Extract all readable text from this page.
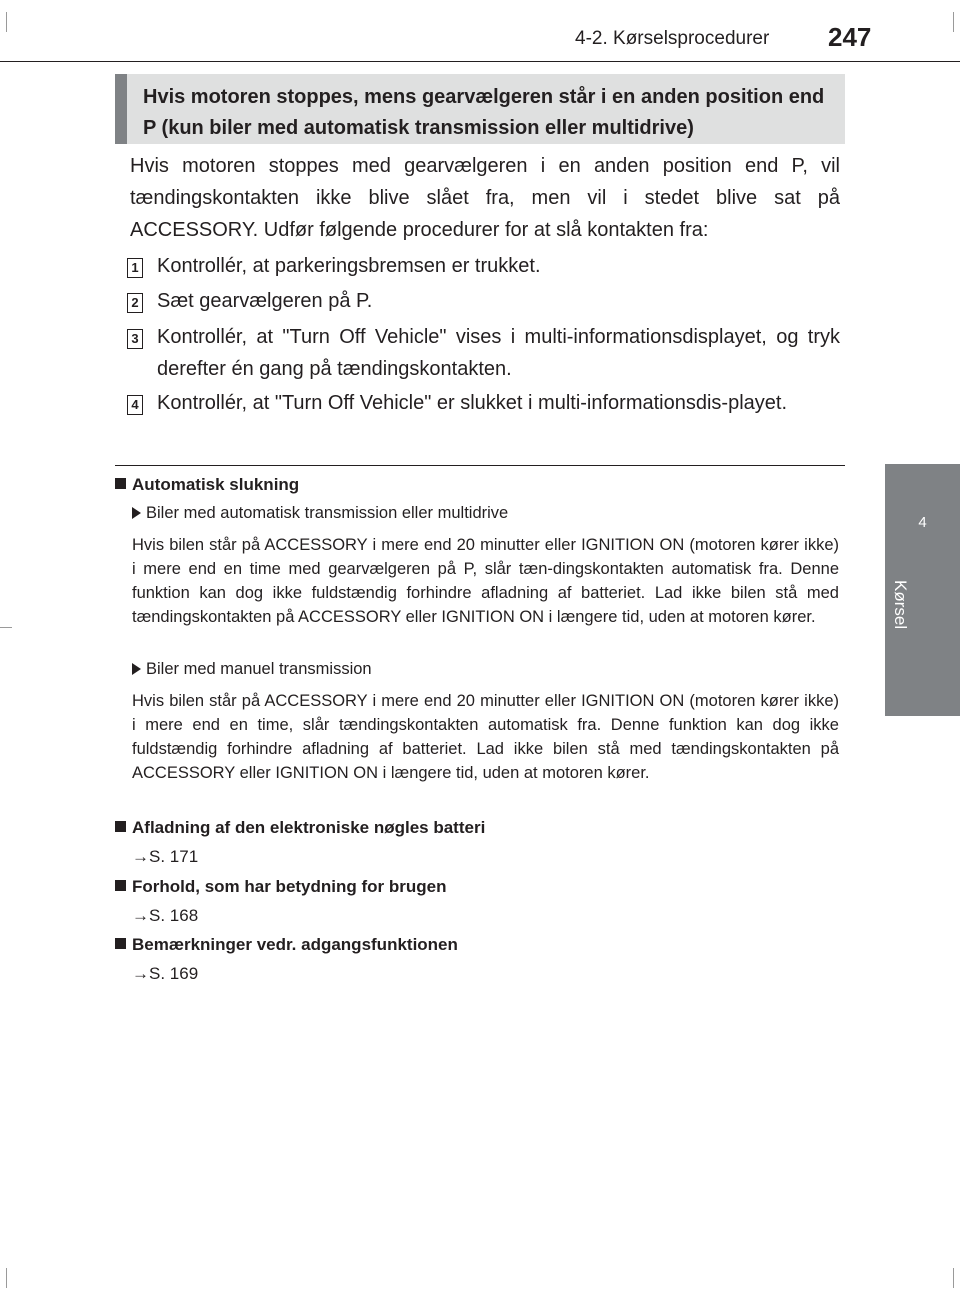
4-2. Kørselsprocedurer 247
4
Kørsel
Hvis motoren stoppes, mens gearvælgeren står i en anden position end P (kun biler med automatisk transmission eller multidrive)
Hvis motoren stoppes med gearvælgeren i en anden position end P, vil tændingskontakten ikke blive slået fra, men vil i stedet blive sat på ACCESSORY. Udfør følgende procedurer for at slå kontakten fra:
1 Kontrollér, at parkeringsbremsen er trukket.
2 Sæt gearvælgeren på P.
3 Kontrollér, at "Turn Off Vehicle" vises i multi-informationsdisplayet, og tryk derefter én gang på tændingskontakten.
4 Kontrollér, at "Turn Off Vehicle" er slukket i multi-informationsdis-playet.
Automatisk slukning
Biler med automatisk transmission eller multidrive
Hvis bilen står på ACCESSORY i mere end 20 minutter eller IGNITION ON (motoren kører ikke) i mere end en time med gearvælgeren på P, slår tæn-dingskontakten automatisk fra. Denne funktion kan dog ikke fuldstændig forhindre afladning af batteriet. Lad ikke bilen stå med tændingskontakten på ACCESSORY eller IGNITION ON i længere tid, uden at motoren kører.
Biler med manuel transmission
Hvis bilen står på ACCESSORY i mere end 20 minutter eller IGNITION ON (motoren kører ikke) i mere end en time, slår tændingskontakten automatisk fra. Denne funktion kan dog ikke fuldstændig forhindre afladning af batteriet. Lad ikke bilen stå med tændingskontakten på ACCESSORY eller IGNITION ON i længere tid, uden at motoren kører.
Afladning af den elektroniske nøgles batteri
→S. 171
Forhold, som har betydning for brugen
→S. 168
Bemærkninger vedr. adgangsfunktionen
→S. 169
